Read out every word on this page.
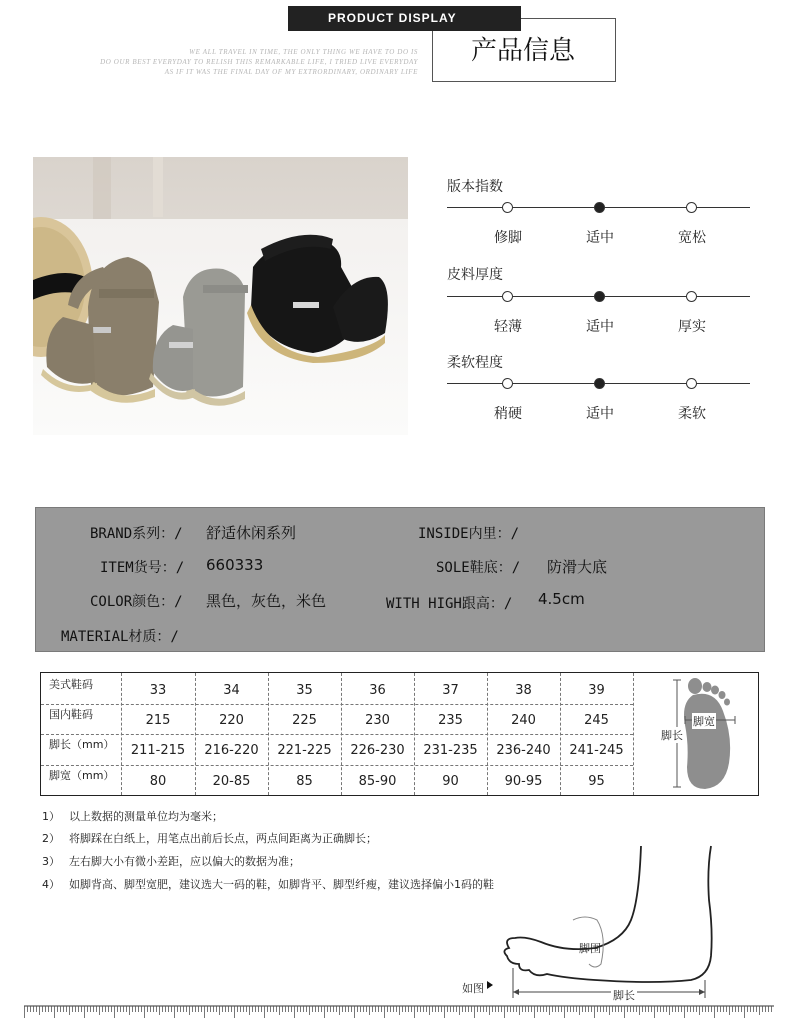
PRODUCT DISPLAY
产品信息
WE ALL TRAVEL IN TIME, THE ONLY THING WE HAVE TO DO IS
DO OUR BEST EVERYDAY TO RELISH THIS REMARKABLE LIFE, I TRIED LIVE EVERYDAY
AS IF IT WAS THE FINAL DAY OF MY EXTRORDINARY, ORDINARY LIFE
版本指数
修脚	适中	宽松
皮料厚度
轻薄	适中	厚实
柔软程度
稍硬	适中	柔软
BRAND系列：/ 舒适休闲系列	INSIDE内里：/
ITEM货号：/ 660333	SOLE鞋底：/ 防滑大底
COLOR颜色：/ 黑色，灰色，米色	WITH HIGH跟高：/ 4.5cm
MATERIAL材质：/
美式鞋码	33	34	35	36	37	38	39
国内鞋码	215	220	225	230	235	240	245
脚长（mm）	211-215	216-220	221-225	226-230	231-235	236-240	241-245
脚宽（mm）	80	20-85	85	85-90	90	90-95	95
脚长
脚宽
1） 以上数据的测量单位均为毫米；
2） 将脚踩在白纸上，用笔点出前后长点，两点间距离为正确脚长；
3） 左右脚大小有微小差距，应以偏大的数据为准；
4） 如脚背高、脚型宽肥，建议选大一码的鞋，如脚背平、脚型纤瘦，建议选择偏小1码的鞋
脚围
脚长
如图
